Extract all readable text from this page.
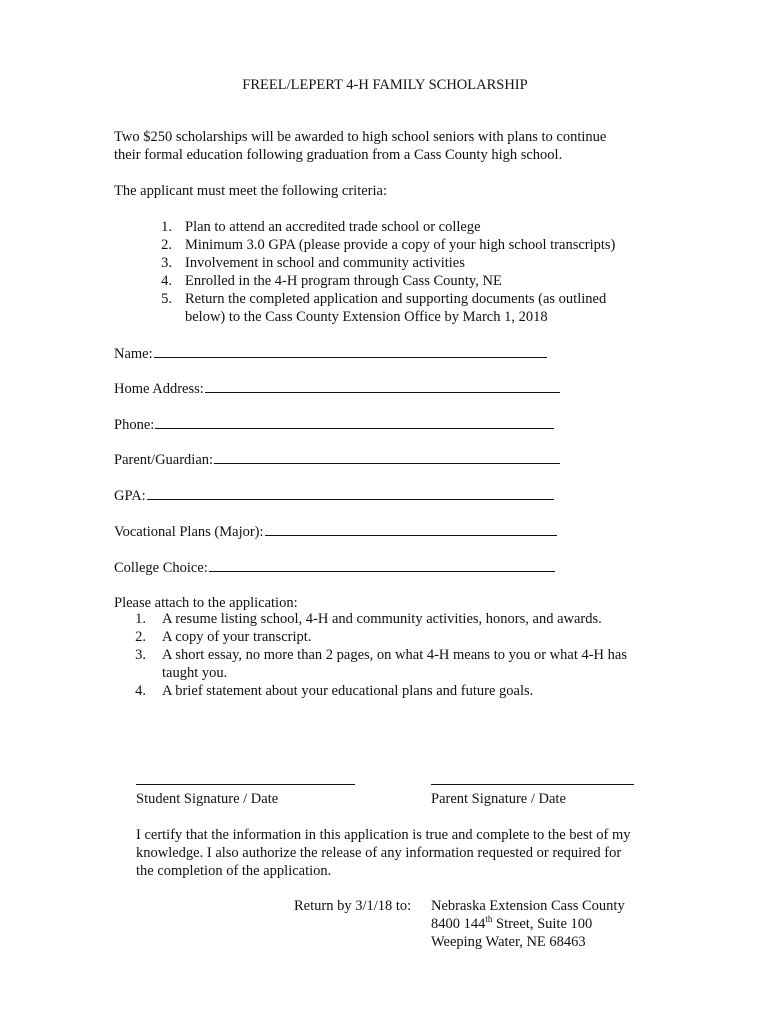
FREEL/LEPERT 4-H FAMILY SCHOLARSHIP
Two $250 scholarships will be awarded to high school seniors with plans to continue
their formal education following graduation from a Cass County high school.
The applicant must meet the following criteria:
1. Plan to attend an accredited trade school or college
2. Minimum 3.0 GPA (please provide a copy of your high school transcripts)
3. Involvement in school and community activities
4. Enrolled in the 4-H program through Cass County, NE
5. Return the completed application and supporting documents (as outlined
below) to the Cass County Extension Office by March 1, 2018
Name:
Home Address:
Phone:
Parent/Guardian:
GPA:
Vocational Plans (Major):
College Choice:
Please attach to the application:
1. A resume listing school, 4-H and community activities, honors, and awards.
2. A copy of your transcript.
3. A short essay, no more than 2 pages, on what 4-H means to you or what 4-H has
taught you.
4. A brief statement about your educational plans and future goals.
Student Signature / Date	Parent Signature / Date
I certify that the information in this application is true and complete to the best of my
knowledge. I also authorize the release of any information requested or required for
the completion of the application.
Return by 3/1/18 to: Nebraska Extension Cass County
8400 144th Street, Suite 100
Weeping Water, NE 68463
